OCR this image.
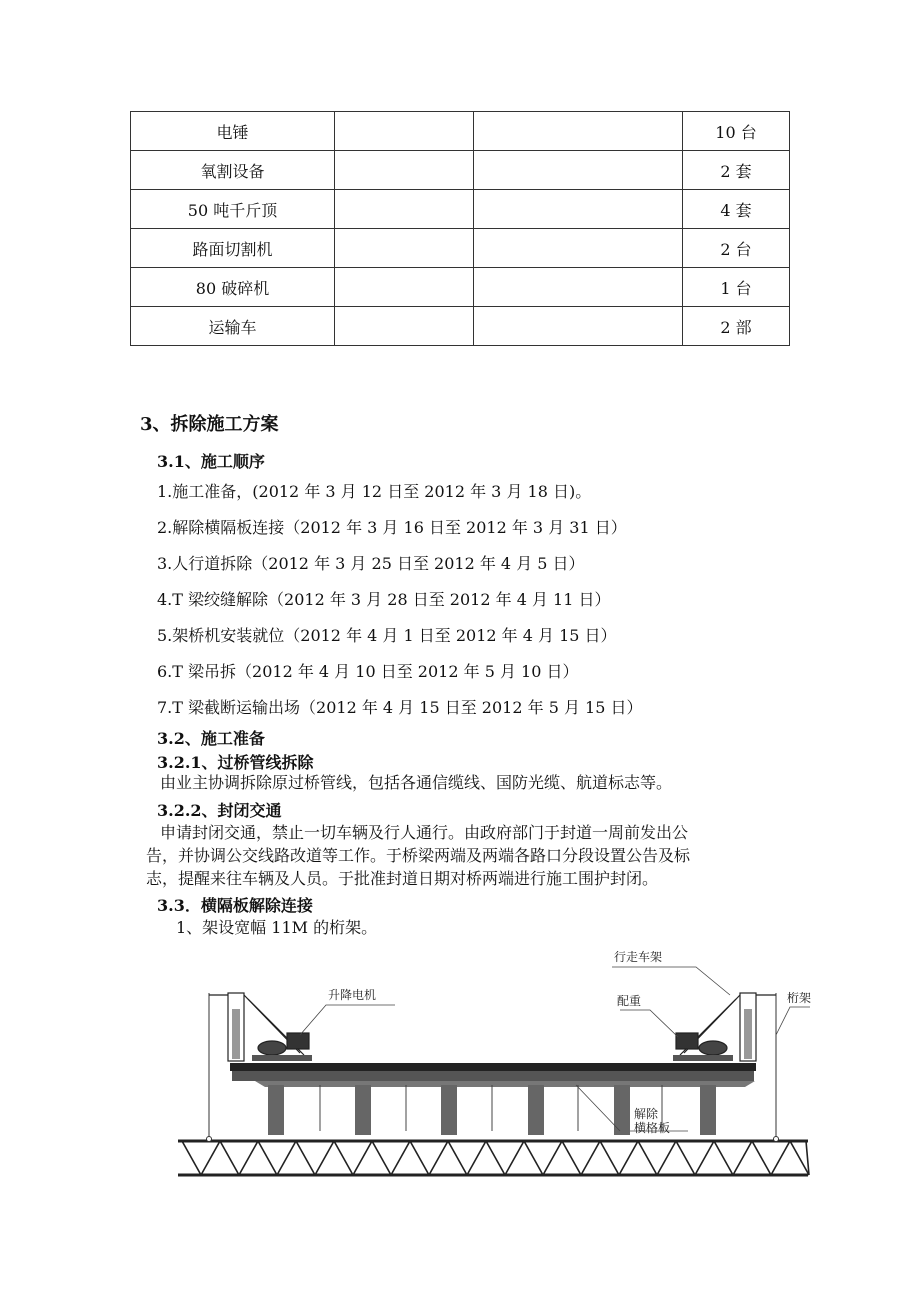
电锤			10 台
氧割设备			2 套
50 吨千斤顶			4 套
路面切割机			2 台
80 破碎机			1 台
运输车			2 部
3、拆除施工方案
3.1、施工顺序
1.施工准备，(2012 年 3 月 12 日至 2012 年 3 月 18 日)。
2.解除横隔板连接（2012 年 3 月 16 日至 2012 年 3 月 31 日）
3.人行道拆除（2012 年 3 月 25 日至 2012 年 4 月 5 日）
4.T 梁绞缝解除（2012 年 3 月 28 日至 2012 年 4 月 11 日）
5.架桥机安装就位（2012 年 4 月 1 日至 2012 年 4 月 15 日）
6.T 梁吊拆（2012 年 4 月 10 日至 2012 年 5 月 10 日）
7.T 梁截断运输出场（2012 年 4 月 15 日至 2012 年 5 月 15 日）
3.2、施工准备
3.2.1、过桥管线拆除

由业主协调拆除原过桥管线，包括各通信缆线、国防光缆、航道标志等。

3.2.2、封闭交通

申请封闭交通，禁止一切车辆及行人通行。由政府部门于封道一周前发出公

告，并协调公交线路改道等工作。于桥梁两端及两端各路口分段设置公告及标

志，提醒来往车辆及人员。于批准封道日期对桥两端进行施工围护封闭。

3.3．横隔板解除连接
1、架设宽幅 11M 的桁架。
升降电机
行走车架
配重	桁架
解除
横格板
